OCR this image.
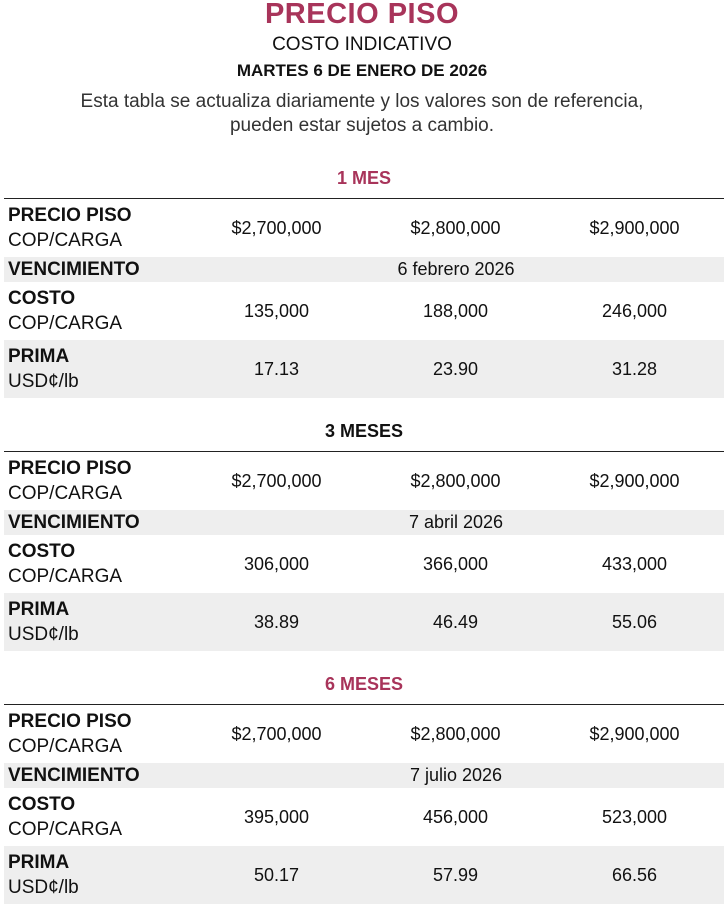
PRECIO PISO
COSTO INDICATIVO
MARTES 6 DE ENERO DE 2026
Esta tabla se actualiza diariamente y los valores son de referencia,
pueden estar sujetos a cambio.
1 MES
PRECIO PISO
COP/CARGA
$2,700,000	$2,800,000	$2,900,000
VENCIMIENTO	6 febrero 2026
COSTO
COP/CARGA
135,000	188,000	246,000
PRIMA
USD¢/lb
17.13	23.90	31.28
3 MESES
PRECIO PISO
COP/CARGA
$2,700,000	$2,800,000	$2,900,000
VENCIMIENTO	7 abril 2026
COSTO
COP/CARGA
306,000	366,000	433,000
PRIMA
USD¢/lb
38.89	46.49	55.06
6 MESES
PRECIO PISO
COP/CARGA
$2,700,000	$2,800,000	$2,900,000
VENCIMIENTO	7 julio 2026
COSTO
COP/CARGA
395,000	456,000	523,000
PRIMA
USD¢/lb
50.17	57.99	66.56
